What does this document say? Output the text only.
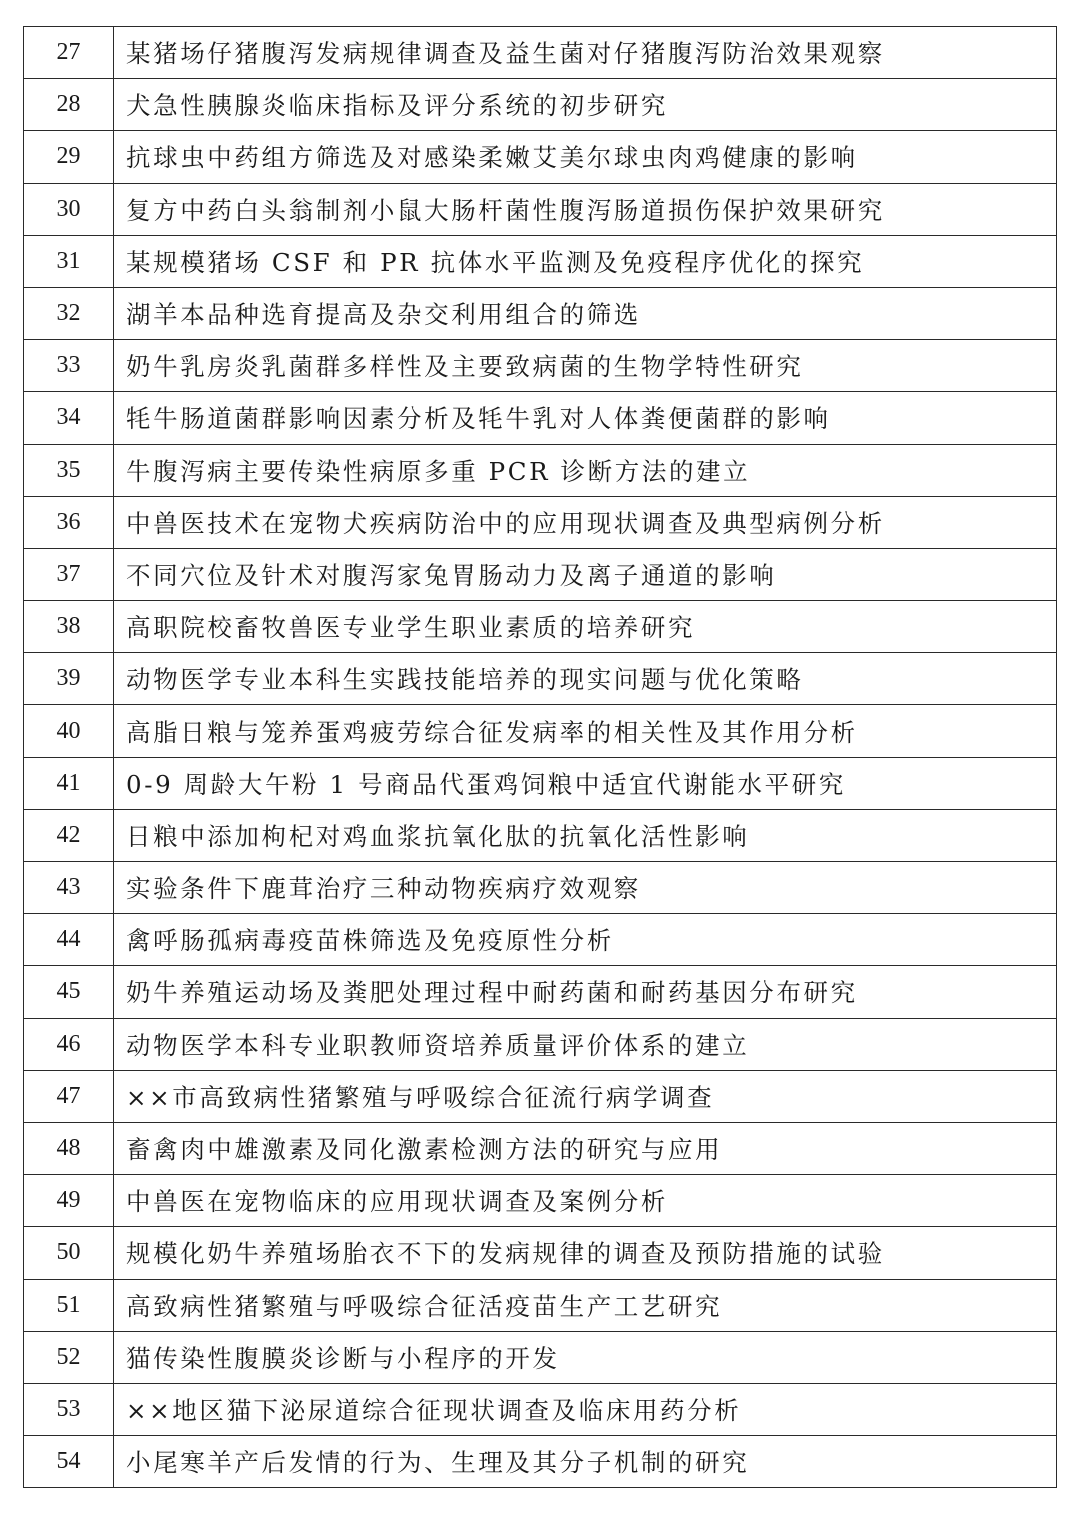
27	某猪场仔猪腹泻发病规律调查及益生菌对仔猪腹泻防治效果观察
28	犬急性胰腺炎临床指标及评分系统的初步研究
29	抗球虫中药组方筛选及对感染柔嫩艾美尔球虫肉鸡健康的影响
30	复方中药白头翁制剂小鼠大肠杆菌性腹泻肠道损伤保护效果研究
31	某规模猪场 CSF 和 PR 抗体水平监测及免疫程序优化的探究
32	湖羊本品种选育提高及杂交利用组合的筛选
33	奶牛乳房炎乳菌群多样性及主要致病菌的生物学特性研究
34	牦牛肠道菌群影响因素分析及牦牛乳对人体粪便菌群的影响
35	牛腹泻病主要传染性病原多重 PCR 诊断方法的建立
36	中兽医技术在宠物犬疾病防治中的应用现状调查及典型病例分析
37	不同穴位及针术对腹泻家兔胃肠动力及离子通道的影响
38	高职院校畜牧兽医专业学生职业素质的培养研究
39	动物医学专业本科生实践技能培养的现实问题与优化策略
40	高脂日粮与笼养蛋鸡疲劳综合征发病率的相关性及其作用分析
41	0-9 周龄大午粉 1 号商品代蛋鸡饲粮中适宜代谢能水平研究
42	日粮中添加枸杞对鸡血浆抗氧化肽的抗氧化活性影响
43	实验条件下鹿茸治疗三种动物疾病疗效观察
44	禽呼肠孤病毒疫苗株筛选及免疫原性分析
45	奶牛养殖运动场及粪肥处理过程中耐药菌和耐药基因分布研究
46	动物医学本科专业职教师资培养质量评价体系的建立
47	××市高致病性猪繁殖与呼吸综合征流行病学调查
48	畜禽肉中雄激素及同化激素检测方法的研究与应用
49	中兽医在宠物临床的应用现状调查及案例分析
50	规模化奶牛养殖场胎衣不下的发病规律的调查及预防措施的试验
51	高致病性猪繁殖与呼吸综合征活疫苗生产工艺研究
52	猫传染性腹膜炎诊断与小程序的开发
53	××地区猫下泌尿道综合征现状调查及临床用药分析
54	小尾寒羊产后发情的行为、生理及其分子机制的研究
